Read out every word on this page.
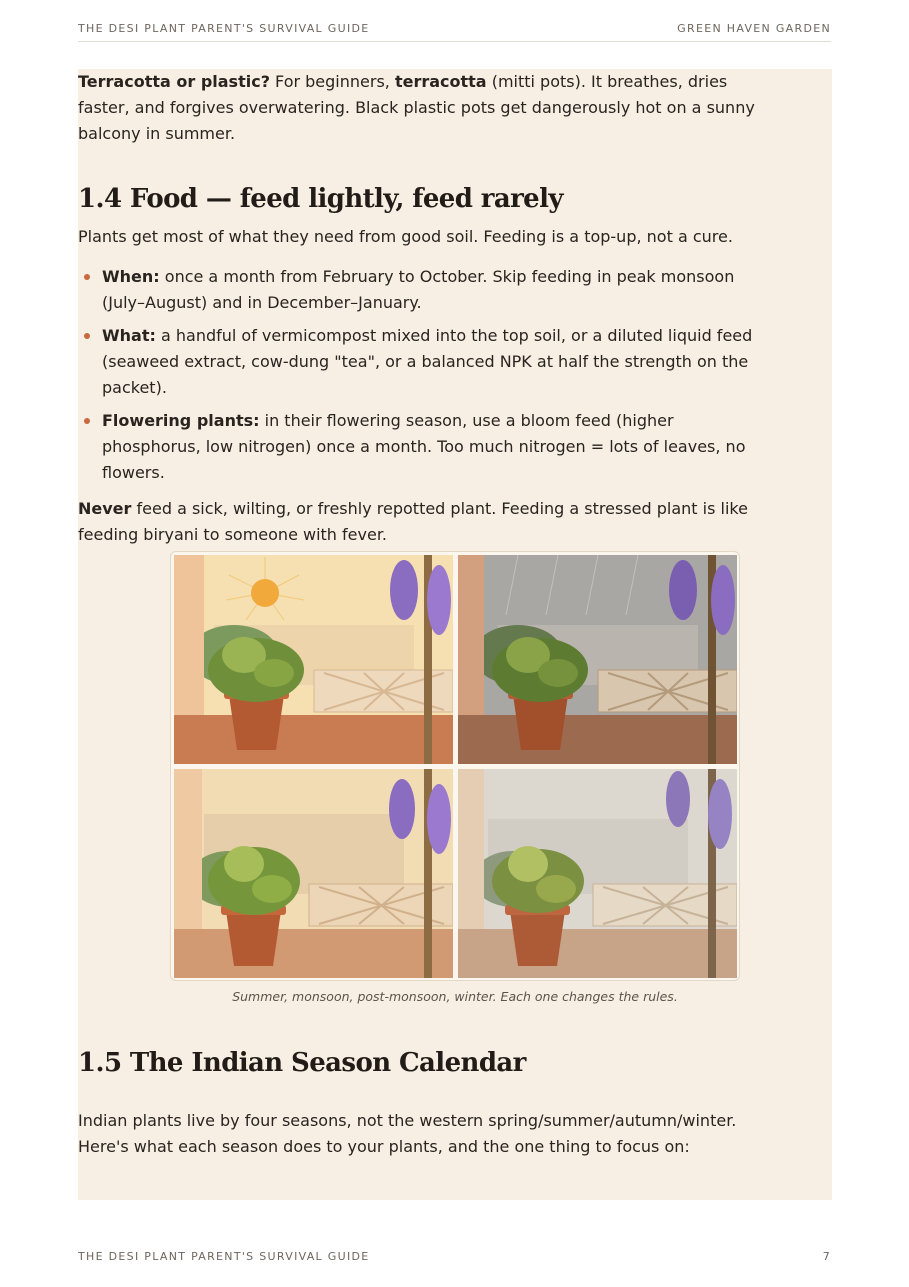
THE DESI PLANT PARENT'S SURVIVAL GUIDE	GREEN HAVEN GARDEN

Terracotta or plastic? For beginners, terracotta (mitti pots). It breathes, dries faster, and forgives overwatering. Black plastic pots get dangerously hot on a sunny balcony in summer.

1.4 Food — feed lightly, feed rarely

Plants get most of what they need from good soil. Feeding is a top-up, not a cure.

When: once a month from February to October. Skip feeding in peak monsoon (July–August) and in December–January.
What: a handful of vermicompost mixed into the top soil, or a diluted liquid feed (seaweed extract, cow-dung "tea", or a balanced NPK at half the strength on the packet).
Flowering plants: in their flowering season, use a bloom feed (higher phosphorus, low nitrogen) once a month. Too much nitrogen = lots of leaves, no flowers.

Never feed a sick, wilting, or freshly repotted plant. Feeding a stressed plant is like feeding biryani to someone with fever.

Summer, monsoon, post-monsoon, winter. Each one changes the rules.
1.5 The Indian Season Calendar

Indian plants live by four seasons, not the western spring/summer/autumn/winter. Here's what each season does to your plants, and the one thing to focus on:

THE DESI PLANT PARENT'S SURVIVAL GUIDE	7
